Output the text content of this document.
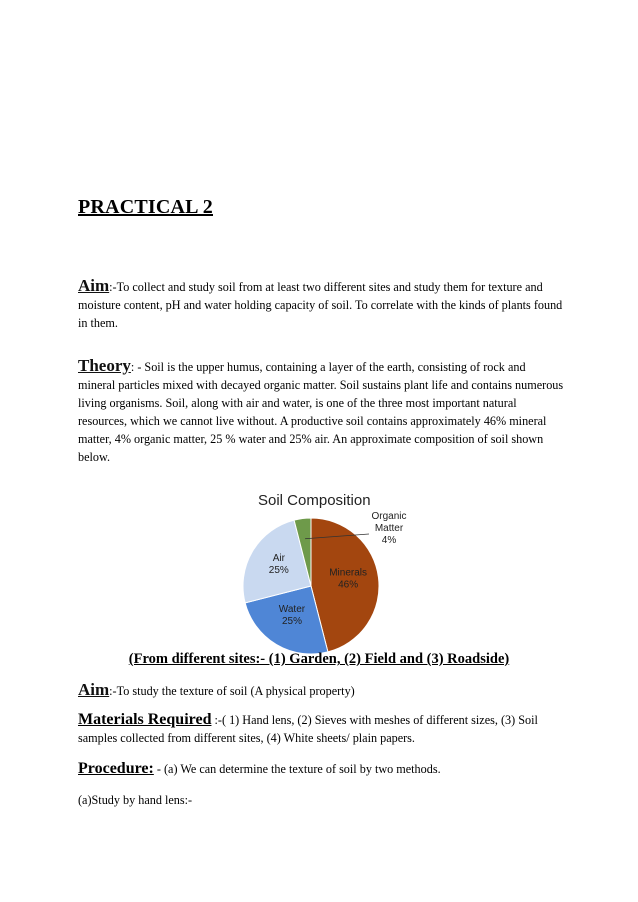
PRACTICAL 2
Aim:-To collect and study soil from at least two different sites and study them for texture and moisture content, pH and water holding capacity of soil. To correlate with the kinds of plants found in them.
Theory: - Soil is the upper humus, containing a layer of the earth, consisting of rock and mineral particles mixed with decayed organic matter. Soil sustains plant life and contains numerous living organisms. Soil, along with air and water, is one of the three most important natural resources, which we cannot live without. A productive soil contains approximately 46% mineral matter, 4% organic matter, 25 % water and 25% air. An approximate composition of soil shown below.
Soil Composition
Minerals 46%
Water 25%
Air 25%
Organic Matter 4%
(From different sites:- (1) Garden, (2) Field and (3) Roadside)
Aim:-To study the texture of soil (A physical property)
Materials Required :-( 1) Hand lens, (2) Sieves with meshes of different sizes, (3) Soil samples collected from different sites, (4) White sheets/ plain papers.
Procedure: - (a) We can determine the texture of soil by two methods.
(a)Study by hand lens:-
